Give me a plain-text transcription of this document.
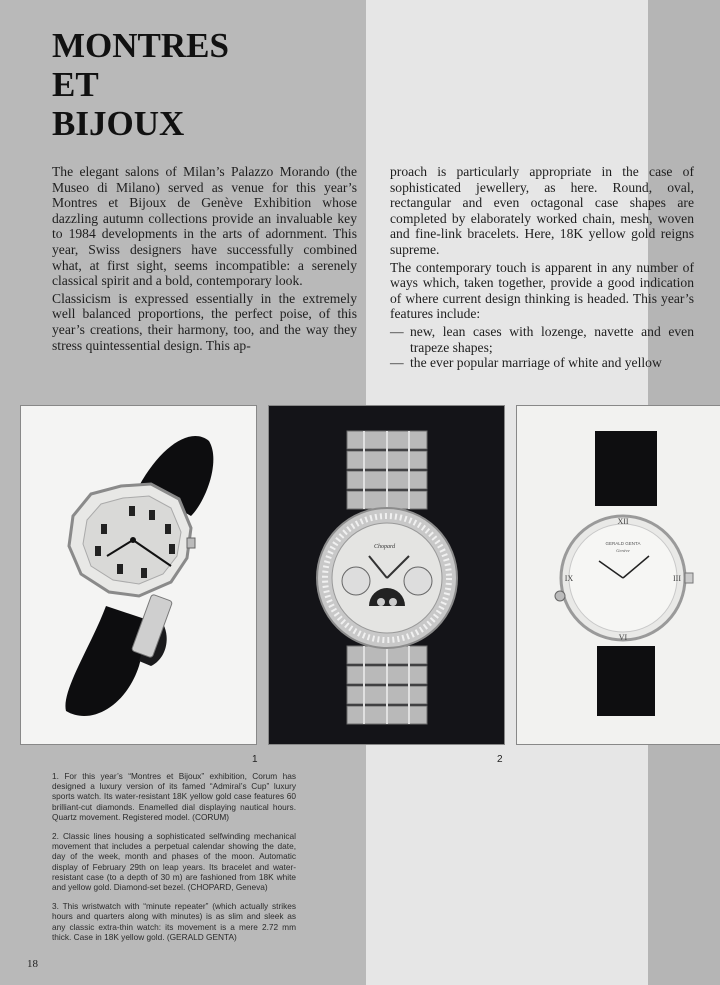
MONTRES
ET
BIJOUX

The elegant salons of Milan’s Palazzo Morando (the Museo di Milano) served as venue for this year’s Montres et Bijoux de Genève Exhibition whose dazzling autumn collections provide an invaluable key to 1984 developments in the arts of adornment. This year, Swiss designers have successfully combined what, at first sight, seems incompatible: a serenely classical spirit and a bold, contemporary look.

Classicism is expressed essentially in the extremely well balanced proportions, the perfect poise, of this year’s creations, their harmony, too, and the way they stress quintessential design. This ap-

proach is particularly appropriate in the case of sophisticated jewellery, as here. Round, oval, rectangular and even octagonal case shapes are completed by elaborately worked chain, mesh, woven and fine-link bracelets. Here, 18K yellow gold reigns supreme.

The contemporary touch is apparent in any number of ways which, taken together, provide a good indication of where current design thinking is headed. This year’s features include:

— new, lean cases with lozenge, navette and even trapeze shapes;
— the ever popular marriage of white and yellow
Chopard
XII
VI
IX	III
GERALD GENTA
Genève
1	2

1. For this year’s “Montres et Bijoux” exhibition, Corum has designed a luxury version of its famed “Admiral’s Cup” luxury sports watch. Its water-resistant 18K yellow gold case features 60 brilliant-cut diamonds. Enamelled dial displaying nautical hours. Quartz movement. Registered model. (CORUM)

2. Classic lines housing a sophisticated selfwinding mechanical movement that includes a perpetual calendar showing the date, day of the week, month and phases of the moon. Automatic display of February 29th on leap years. Its bracelet and water-resistant case (to a depth of 30 m) are fashioned from 18K white and yellow gold. Diamond-set bezel. (CHOPARD, Geneva)

3. This wristwatch with “minute repeater” (which actually strikes hours and quarters along with minutes) is as slim and sleek as any classic extra-thin watch: its movement is a mere 2.72 mm thick. Case in 18K yellow gold. (GERALD GENTA)

18
